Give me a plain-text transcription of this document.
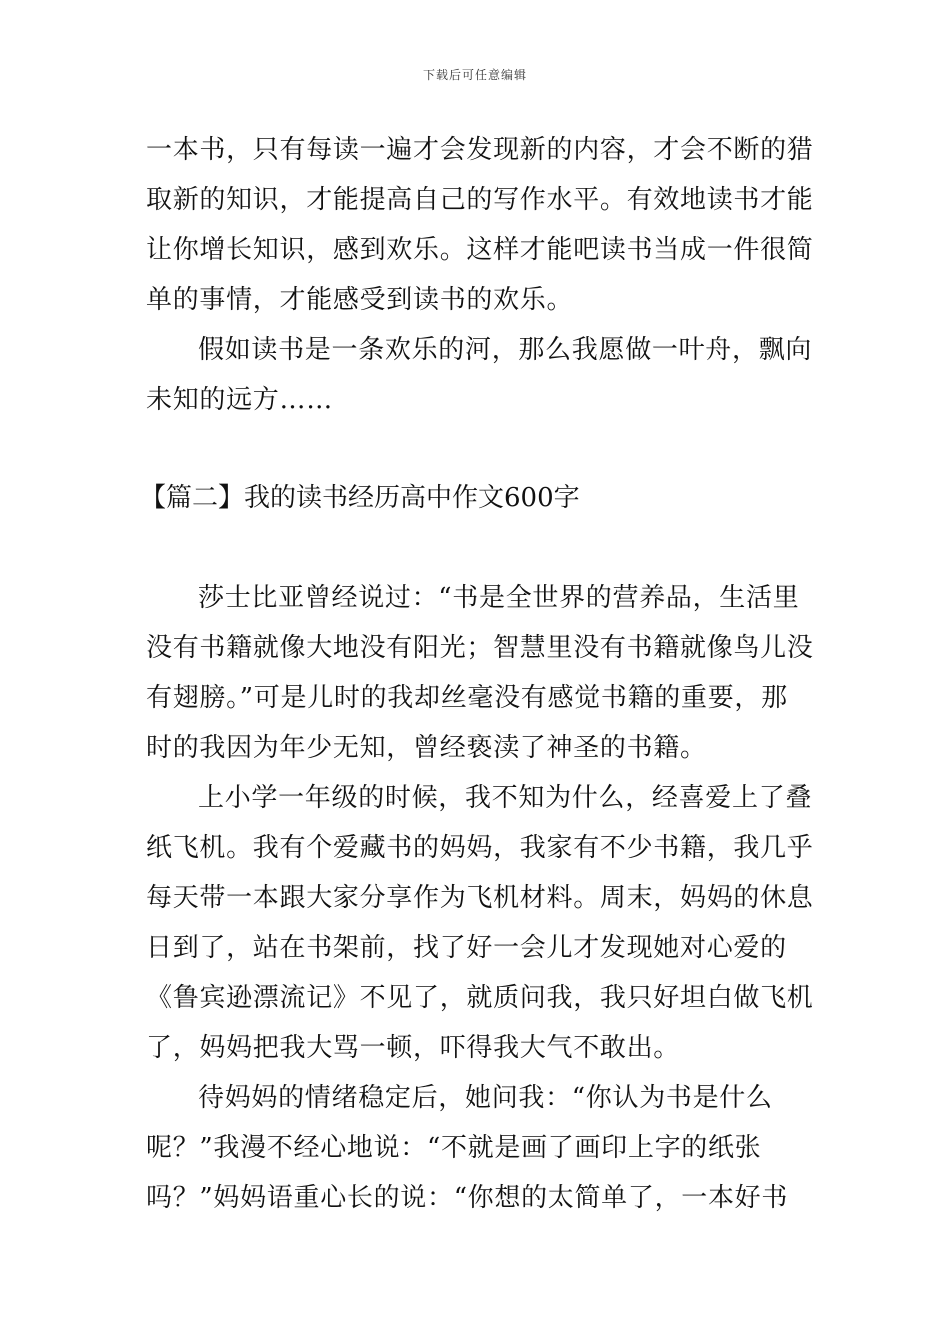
下载后可任意编辑
一本书，只有每读一遍才会发现新的内容，才会不断的猎
取新的知识，才能提高自己的写作水平。有效地读书才能
让你增长知识，感到欢乐。这样才能吧读书当成一件很简
单的事情，才能感受到读书的欢乐。
假如读书是一条欢乐的河，那么我愿做一叶舟，飘向
未知的远方……
【篇二】我的读书经历高中作文600字
莎士比亚曾经说过：“书是全世界的营养品，生活里
没有书籍就像大地没有阳光；智慧里没有书籍就像鸟儿没
有翅膀。”可是儿时的我却丝毫没有感觉书籍的重要，那
时的我因为年少无知，曾经亵渎了神圣的书籍。
上小学一年级的时候，我不知为什么，经喜爱上了叠
纸飞机。我有个爱藏书的妈妈，我家有不少书籍，我几乎
每天带一本跟大家分享作为飞机材料。周末，妈妈的休息
日到了，站在书架前，找了好一会儿才发现她对心爱的
《鲁宾逊漂流记》不见了，就质问我，我只好坦白做飞机
了，妈妈把我大骂一顿，吓得我大气不敢出。
待妈妈的情绪稳定后，她问我：“你认为书是什么
呢？”我漫不经心地说：“不就是画了画印上字的纸张
吗？”妈妈语重心长的说：“你想的太简单了，一本好书
